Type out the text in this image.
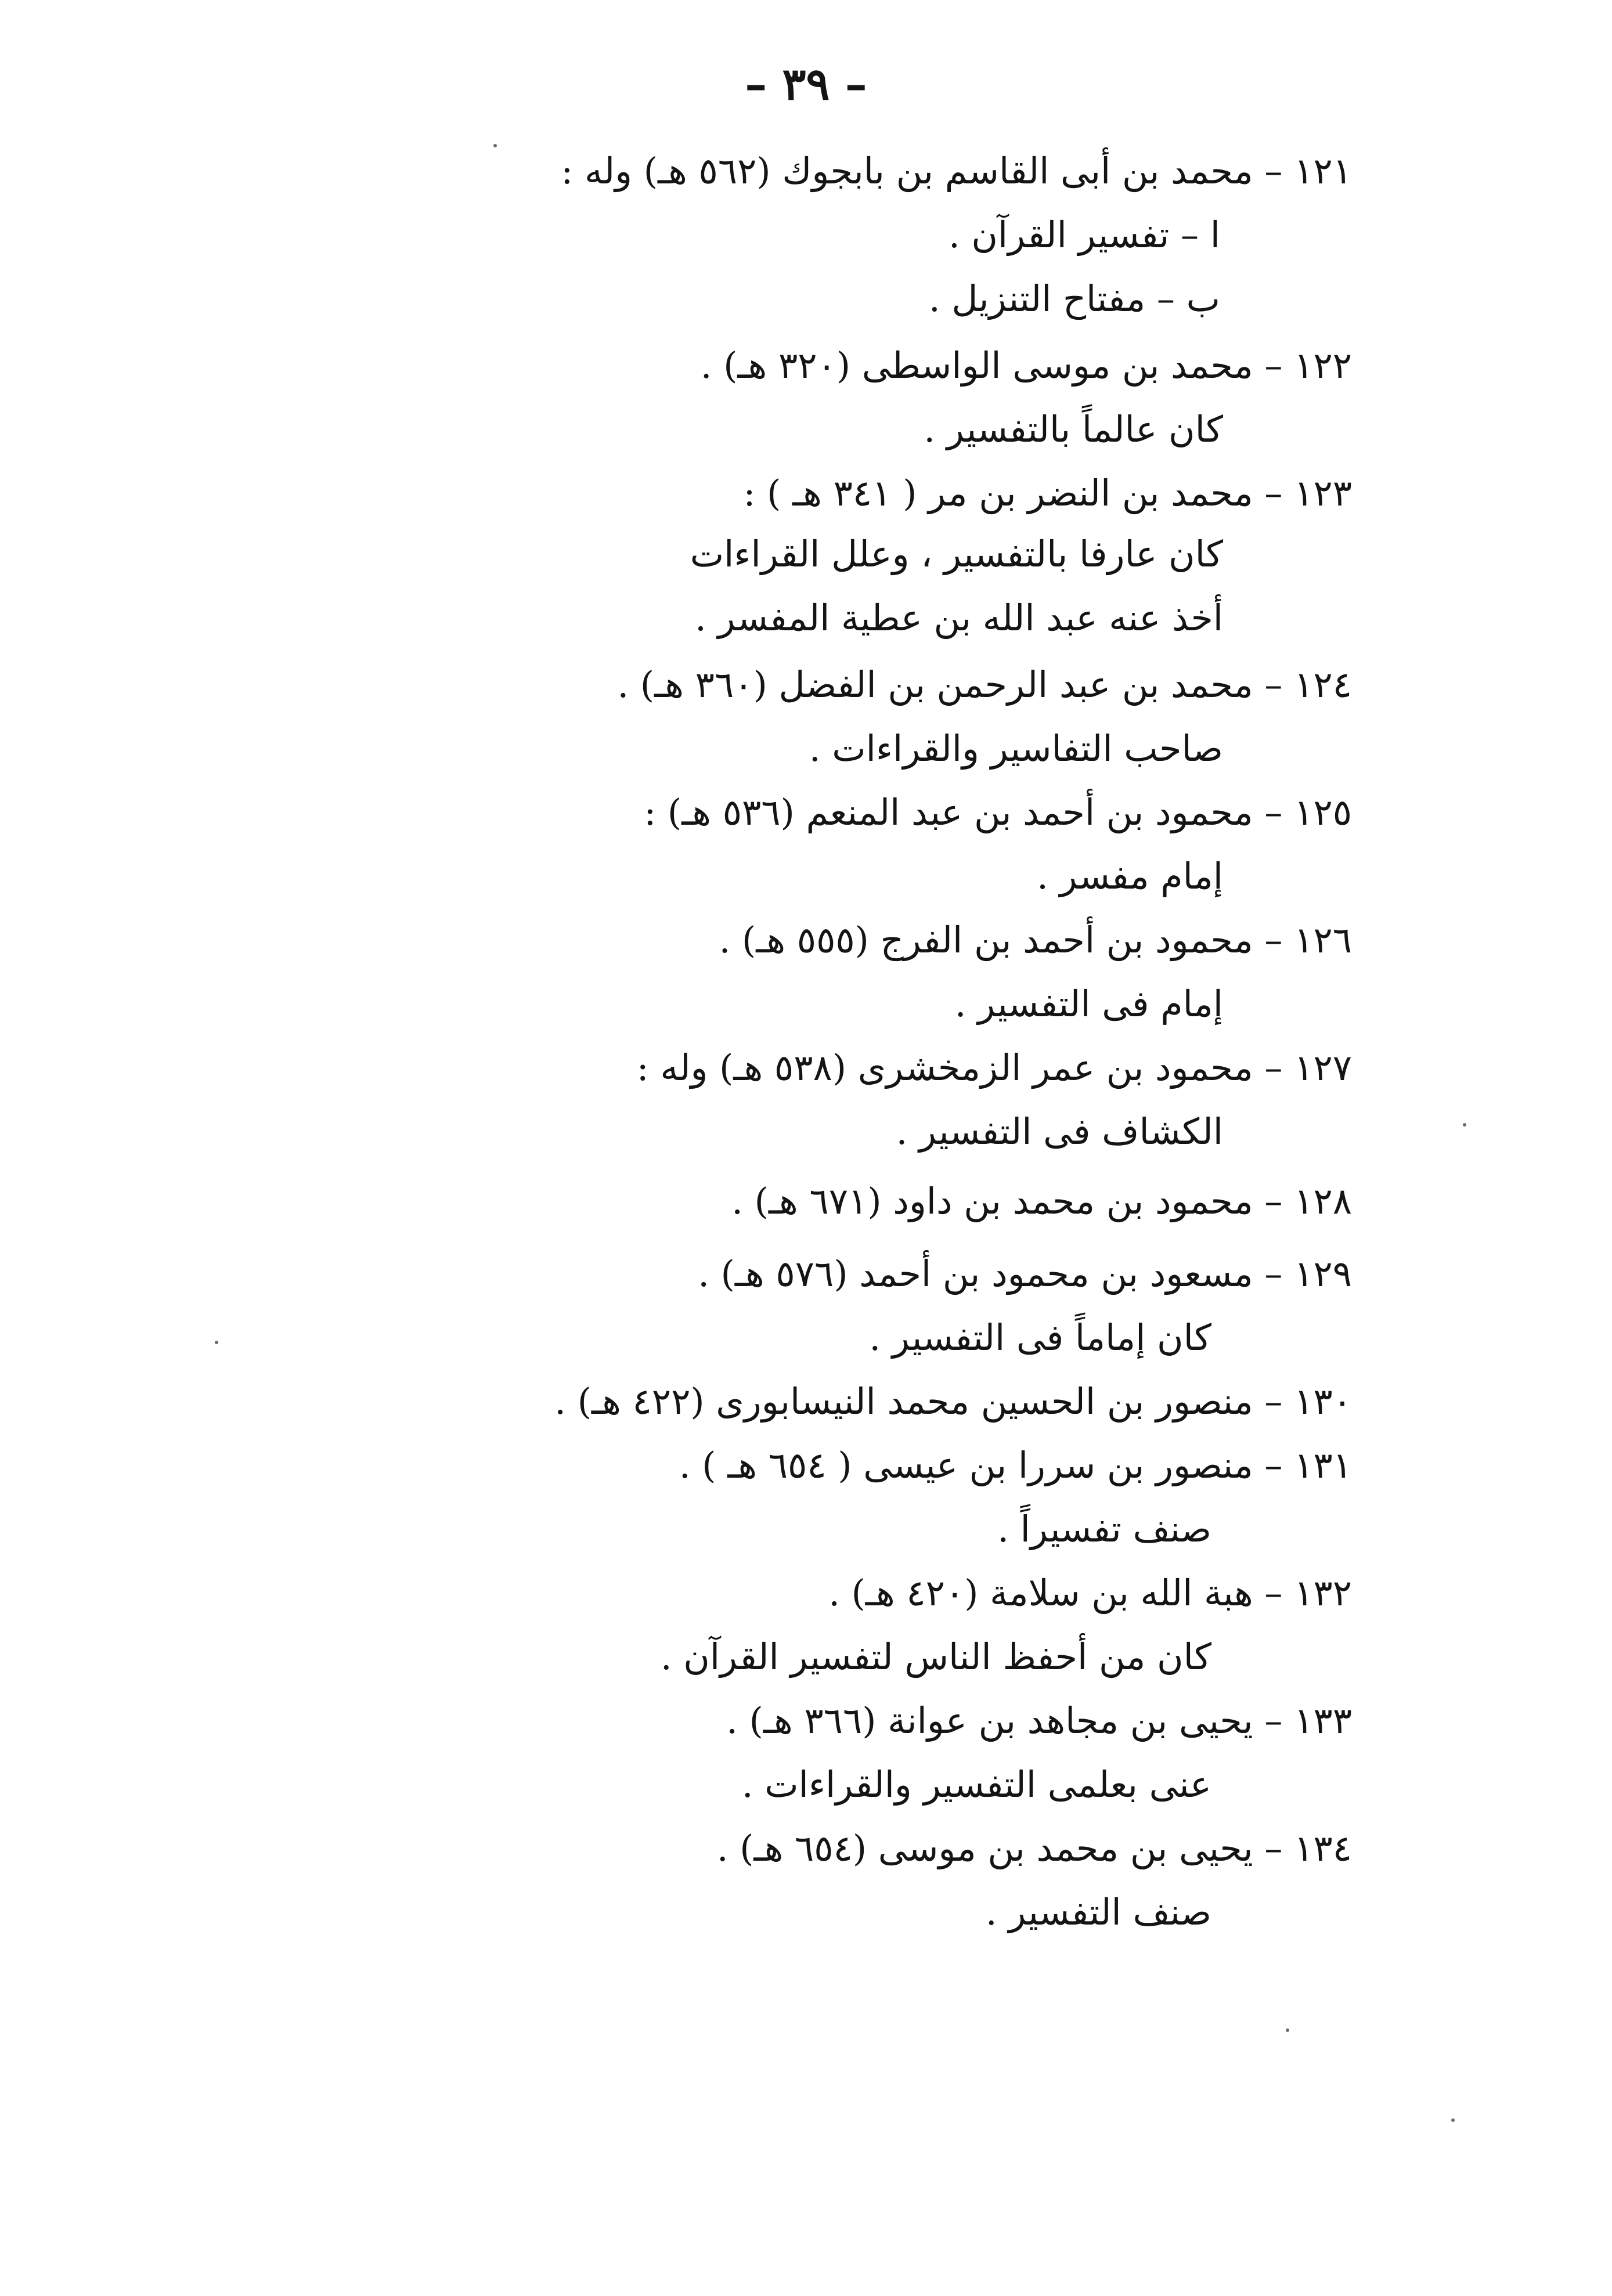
– ٣٩ –
١٢١ – محمد بن أبى القاسم بن بابجوك (٥٦٢ هـ) وله :
ا – تفسير القرآن .
ب – مفتاح التنزيل .
١٢٢ – محمد بن موسى الواسطى (٣٢٠ هـ) .
كان عالماً بالتفسير .
١٢٣ – محمد بن النضر بن مر ( ٣٤١ هـ ) :
كان عارفا بالتفسير ، وعلل القراءات
أخذ عنه عبد الله بن عطية المفسر .
١٢٤ – محمد بن عبد الرحمن بن الفضل (٣٦٠ هـ) .
صاحب التفاسير والقراءات .
١٢٥ – محمود بن أحمد بن عبد المنعم (٥٣٦ هـ) :
إمام مفسر .
١٢٦ – محمود بن أحمد بن الفرج (٥٥٥ هـ) .
إمام فى التفسير .
١٢٧ – محمود بن عمر الزمخشرى (٥٣٨ هـ) وله :
الكشاف فى التفسير .
١٢٨ – محمود بن محمد بن داود (٦٧١ هـ) .
١٢٩ – مسعود بن محمود بن أحمد (٥٧٦ هـ) .
كان إماماً فى التفسير .
١٣٠ – منصور بن الحسين محمد النيسابورى (٤٢٢ هـ) .
١٣١ – منصور بن سررا بن عيسى ( ٦٥٤ هـ ) .
صنف تفسيراً .
١٣٢ – هبة الله بن سلامة (٤٢٠ هـ) .
كان من أحفظ الناس لتفسير القرآن .
١٣٣ – يحيى بن مجاهد بن عوانة (٣٦٦ هـ) .
عنى بعلمى التفسير والقراءات .
١٣٤ – يحيى بن محمد بن موسى (٦٥٤ هـ) .
صنف التفسير .
